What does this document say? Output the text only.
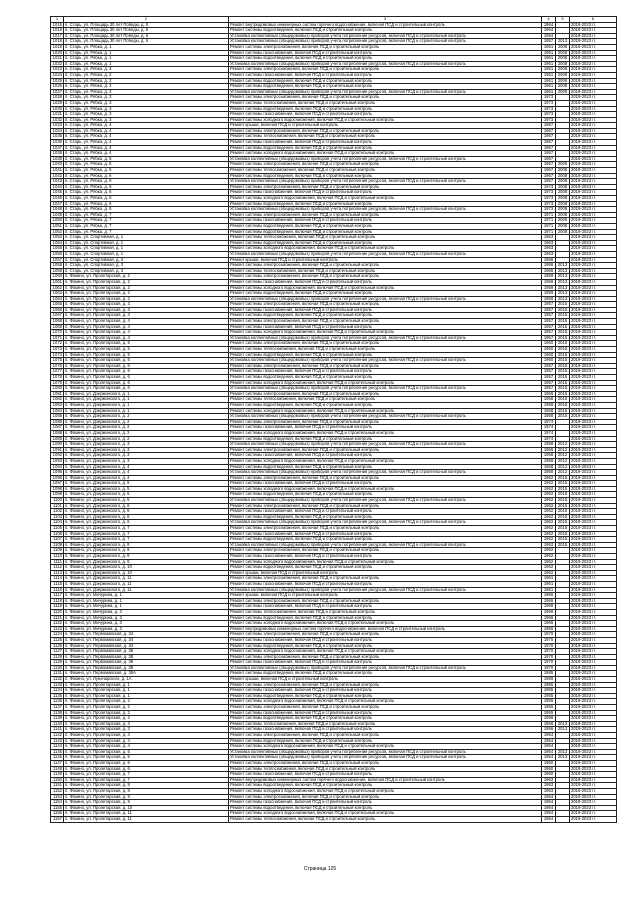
1	2	3	4	5	6
1015	п. Старь, ул. Площадь 30 лет Победы, д. 5	Ремонт внутридомовых инженерных систем горячего водоснабжения, включая ПСД и строительный контроль	1964		2019-2023 гг.
1016	п. Старь, ул. Площадь 30 лет Победы, д. 5	Ремонт системы водоотведения, включая ПСД и строительный контроль	1964		2019-2023 гг.
1017	п. Старь, ул. Площадь 30 лет Победы, д. 5	Установка коллективных (общедомовых) приборов учета потребления ресурсов, включая ПСД и строительный контроль	1964		2019-2023 гг.
1018	п. Старь, ул. Площадь 30 лет Победы, д. 6	Установка коллективных (общедомовых) приборов учета потребления ресурсов, включая ПСД и строительный контроль	1957	2013	2019-2023 гг.
1019	п. Старь, ул. Рябка, д. 1	Ремонт системы электроснабжения, включая ПСД и строительный контроль	1961	2008	2019-2023 гг.
1020	п. Старь, ул. Рябка, д. 1	Ремонт системы газоснабжения, включая ПСД и строительный контроль	1961	2008	2019-2023 гг.
1021	п. Старь, ул. Рябка, д. 1	Ремонт системы водоотведения, включая ПСД и строительный контроль	1961	2008	2019-2023 гг.
1022	п. Старь, ул. Рябка, д. 1	Установка коллективных (общедомовых) приборов учета потребления ресурсов, включая ПСД и строительный контроль	1961	2008	2019-2023 гг.
1023	п. Старь, ул. Рябка, д. 2	Ремонт системы электроснабжения, включая ПСД и строительный контроль	1961	2008	2019-2023 гг.
1024	п. Старь, ул. Рябка, д. 2	Ремонт системы газоснабжения, включая ПСД и строительный контроль	1961	2008	2019-2023 гг.
1025	п. Старь, ул. Рябка, д. 2	Ремонт системы водоотведения, включая ПСД и строительный контроль	1961	2008	2019-2023 гг.
1026	п. Старь, ул. Рябка, д. 2	Ремонт системы водоотведения, включая ПСД и строительный контроль	1961	2008	2019-2023 гг.
1027	п. Старь, ул. Рябка, д. 3	Установка коллективных (общедомовых) приборов учета потребления ресурсов, включая ПСД и строительный контроль	1961	2008	2019-2023 гг.
1028	п. Старь, ул. Рябка, д. 3	Ремонт системы электроснабжения, включая ПСД и строительный контроль	1973		2019-2023 гг.
1029	п. Старь, ул. Рябка, д. 3	Ремонт системы теплоснабжения, включая ПСД и строительный контроль	1973		2019-2023 гг.
1030	п. Старь, ул. Рябка, д. 3	Ремонт системы водоотведения, включая ПСД и строительный контроль	1973		2019-2023 гг.
1031	п. Старь, ул. Рябка, д. 3	Ремонт системы газоснабжения, включая ПСД и строительный контроль	1973		2019-2023 гг.
1032	п. Старь, ул. Рябка, д. 3	Ремонт системы холодного водоснабжения, включая ПСД и строительный контроль	1973		2019-2023 гг.
1033	п. Старь, ул. Рябка, д. 4	Ремонт крыши, включая ПСД и строительный контроль	1967		2019-2023 гг.
1034	п. Старь, ул. Рябка, д. 4	Ремонт системы электроснабжения, включая ПСД и строительный контроль	1967		2019-2023 гг.
1035	п. Старь, ул. Рябка, д. 4	Ремонт системы теплоснабжения, включая ПСД и строительный контроль	1967		2019-2023 гг.
1036	п. Старь, ул. Рябка, д. 4	Ремонт системы газоснабжения, включая ПСД и строительный контроль	1967		2019-2023 гг.
1037	п. Старь, ул. Рябка, д. 4	Ремонт системы водоотведения, включая ПСД и строительный контроль	1967		2019-2023 гг.
1038	п. Старь, ул. Рябка, д. 4	Ремонт системы холодного водоснабжения, включая ПСД и строительный контроль	1967		2019-2023 гг.
1039	п. Старь, ул. Рябка, д. 5	Установка коллективных (общедомовых) приборов учета потребления ресурсов, включая ПСД и строительный контроль	1967		2019-2023 гг.
1040	п. Старь, ул. Рябка, д. 5	Ремонт системы электроснабжения, включая ПСД и строительный контроль	1967	2008	2019-2023 гг.
1041	п. Старь, ул. Рябка, д. 5	Ремонт системы теплоснабжения, включая ПСД и строительный контроль	1967	2008	2019-2023 гг.
1042	п. Старь, ул. Рябка, д. 6	Ремонт системы водоотведения, включая ПСД и строительный контроль	1967	2008	2019-2023 гг.
1043	п. Старь, ул. Рябка, д. 6	Установка коллективных (общедомовых) приборов учета потребления ресурсов, включая ПСД и строительный контроль	1967	2008	2019-2023 гг.
1044	п. Старь, ул. Рябка, д. 6	Ремонт системы электроснабжения, включая ПСД и строительный контроль	1973	2008	2019-2023 гг.
1045	п. Старь, ул. Рябка, д. 6	Ремонт системы газоснабжения, включая ПСД и строительный контроль	1973	2008	2019-2023 гг.
1046	п. Старь, ул. Рябка, д. 6	Ремонт системы холодного водоснабжения, включая ПСД и строительный контроль	1973	2008	2019-2023 гг.
1047	п. Старь, ул. Рябка, д. 6	Ремонт системы водоотведения, включая ПСД и строительный контроль	1973	2008	2019-2023 гг.
1048	п. Старь, ул. Рябка, д. 6	Установка коллективных (общедомовых) приборов учета потребления ресурсов, включая ПСД и строительный контроль	1973	2008	2019-2023 гг.
1049	п. Старь, ул. Рябка, д. 7	Ремонт системы электроснабжения, включая ПСД и строительный контроль	1971	2008	2019-2023 гг.
1050	п. Старь, ул. Рябка, д. 7	Ремонт системы газоснабжения, включая ПСД и строительный контроль	1971	2008	2019-2023 гг.
1051	п. Старь, ул. Рябка, д. 7	Ремонт системы водоотведения, включая ПСД и строительный контроль	1971	2008	2019-2023 гг.
1052	п. Старь, ул. Рябка, д. 7	Ремонт системы водоотведения, включая ПСД и строительный контроль	1971	2008	2019-2023 гг.
1053	п. Старь, ул. Спортивная, д. 1	Ремонт системы теплоснабжения, включая ПСД и строительный контроль	1963		2019-2023 гг.
1054	п. Старь, ул. Спортивная, д. 1	Ремонт системы водоотведения, включая ПСД и строительный контроль	1963		2019-2023 гг.
1055	п. Старь, ул. Спортивная, д. 1	Ремонт системы холодного водоснабжения, включая ПСД и строительный контроль	1963		2019-2023 гг.
1056	п. Старь, ул. Спортивная, д. 1	Установка коллективных (общедомовых) приборов учета потребления ресурсов, включая ПСД и строительный контроль	1963		2019-2023 гг.
1057	п. Старь, ул. Спортивная, д. 3	Ремонт крыши, включая ПСД и строительный контроль	1966		2019-2023 гг.
1058	п. Старь, ул. Спортивная, д. 3	Ремонт системы электроснабжения, включая ПСД и строительный контроль	1966	2013	2019-2023 гг.
1059	п. Старь, ул. Спортивная, д. 3	Ремонт системы теплоснабжения, включая ПСД и строительный контроль	1966	2013	2019-2023 гг.
1060	п. Фокино, ул. Пролетарская, д. 2	Ремонт системы электроснабжения, включая ПСД и строительный контроль	1959	2013	2019-2023 гг.
1061	п. Фокино, ул. Пролетарская, д. 2	Ремонт системы газоснабжения, включая ПСД и строительный контроль	1959	2013	2019-2023 гг.
1062	п. Фокино, ул. Пролетарская, д. 2	Ремонт системы холодного водоснабжения, включая ПСД и строительный контроль	1959	2013	2019-2023 гг.
1063	п. Фокино, ул. Пролетарская, д. 2	Ремонт системы водоотведения, включая ПСД и строительный контроль	1959	2013	2019-2023 гг.
1064	п. Фокино, ул. Пролетарская, д. 2	Установка коллективных (общедомовых) приборов учета потребления ресурсов, включая ПСД и строительный контроль	1959	2013	2019-2023 гг.
1065	п. Фокино, ул. Пролетарская, д. 3	Ремонт системы электроснабжения, включая ПСД и строительный контроль	1957	2015	2019-2023 гг.
1066	п. Фокино, ул. Пролетарская, д. 3	Ремонт системы газоснабжения, включая ПСД и строительный контроль	1957	2015	2019-2023 гг.
1067	п. Фокино, ул. Пролетарская, д. 3	Ремонт системы водоотведения, включая ПСД и строительный контроль	1957	2015	2019-2023 гг.
1068	п. Фокино, ул. Пролетарская, д. 4	Ремонт системы электроснабжения, включая ПСД и строительный контроль	1957	2015	2019-2023 гг.
1069	п. Фокино, ул. Пролетарская, д. 4	Ремонт системы газоснабжения, включая ПСД и строительный контроль	1957	2015	2019-2023 гг.
1070	п. Фокино, ул. Пролетарская, д. 4	Ремонт системы холодного водоснабжения, включая ПСД и строительный контроль	1957	2015	2019-2023 гг.
1071	п. Фокино, ул. Пролетарская, д. 4	Установка коллективных (общедомовых) приборов учета потребления ресурсов, включая ПСД и строительный контроль	1957	2015	2019-2023 гг.
1072	п. Фокино, ул. Пролетарская, д. 5	Ремонт системы электроснабжения, включая ПСД и строительный контроль	1960	2015	2019-2023 гг.
1073	п. Фокино, ул. Пролетарская, д. 5	Ремонт системы теплоснабжения, включая ПСД и строительный контроль	1960	2015	2019-2023 гг.
1074	п. Фокино, ул. Пролетарская, д. 5	Ремонт системы водоотведения, включая ПСД и строительный контроль	1960	2015	2019-2023 гг.
1075	п. Фокино, ул. Пролетарская, д. 5	Установка коллективных (общедомовых) приборов учета потребления ресурсов, включая ПСД и строительный контроль	1960	2015	2019-2023 гг.
1076	п. Фокино, ул. Пролетарская, д. 6	Ремонт системы электроснабжения, включая ПСД и строительный контроль	1957	2015	2019-2023 гг.
1077	п. Фокино, ул. Пролетарская, д. 6	Ремонт системы газоснабжения, включая ПСД и строительный контроль	1957	2015	2019-2023 гг.
1078	п. Фокино, ул. Пролетарская, д. 6	Ремонт системы водоотведения, включая ПСД и строительный контроль	1957	2015	2019-2023 гг.
1079	п. Фокино, ул. Пролетарская, д. 6	Ремонт системы холодного водоснабжения, включая ПСД и строительный контроль	1957	2015	2019-2023 гг.
1080	п. Фокино, ул. Пролетарская, д. 6	Установка коллективных (общедомовых) приборов учета потребления ресурсов, включая ПСД и строительный контроль	1957	2015	2019-2023 гг.
1081	п. Фокино, ул. Дзержинского, д. 1	Ремонт системы электроснабжения, включая ПСД и строительный контроль	1958	2015	2019-2023 гг.
1082	п. Фокино, ул. Дзержинского, д. 1	Ремонт системы теплоснабжения, включая ПСД и строительный контроль	1958	2015	2019-2023 гг.
1083	п. Фокино, ул. Дзержинского, д. 1	Ремонт системы водоотведения, включая ПСД и строительный контроль	1958	2015	2019-2023 гг.
1084	п. Фокино, ул. Дзержинского, д. 1	Ремонт системы холодного водоснабжения, включая ПСД и строительный контроль	1958	2015	2019-2023 гг.
1085	п. Фокино, ул. Дзержинского, д. 2	Установка коллективных (общедомовых) приборов учета потребления ресурсов, включая ПСД и строительный контроль	1958	2015	2019-2023 гг.
1086	п. Фокино, ул. Дзержинского, д. 2	Ремонт системы электроснабжения, включая ПСД и строительный контроль	1974		2019-2023 гг.
1087	п. Фокино, ул. Дзержинского, д. 2	Ремонт системы газоснабжения, включая ПСД и строительный контроль	1974		2019-2023 гг.
1088	п. Фокино, ул. Дзержинского, д. 2	Ремонт системы холодного водоснабжения, включая ПСД и строительный контроль	1974		2019-2023 гг.
1089	п. Фокино, ул. Дзержинского, д. 2	Ремонт системы водоотведения, включая ПСД и строительный контроль	1974		2019-2023 гг.
1090	п. Фокино, ул. Дзержинского, д. 3	Установка коллективных (общедомовых) приборов учета потребления ресурсов, включая ПСД и строительный контроль	1958	2012	2019-2023 гг.
1091	п. Фокино, ул. Дзержинского, д. 3	Ремонт системы электроснабжения, включая ПСД и строительный контроль	1958	2012	2019-2023 гг.
1092	п. Фокино, ул. Дзержинского, д. 3	Ремонт системы газоснабжения, включая ПСД и строительный контроль	1958	2012	2019-2023 гг.
1093	п. Фокино, ул. Дзержинского, д. 3	Ремонт системы холодного водоснабжения, включая ПСД и строительный контроль	1958	2012	2019-2023 гг.
1094	п. Фокино, ул. Дзержинского, д. 4	Ремонт системы водоотведения, включая ПСД и строительный контроль	1958	2012	2019-2023 гг.
1095	п. Фокино, ул. Дзержинского, д. 4	Установка коллективных (общедомовых) приборов учета потребления ресурсов, включая ПСД и строительный контроль	1958	2012	2019-2023 гг.
1096	п. Фокино, ул. Дзержинского, д. 4	Ремонт системы электроснабжения, включая ПСД и строительный контроль	1962	2015	2019-2023 гг.
1097	п. Фокино, ул. Дзержинского, д. 5	Ремонт системы газоснабжения, включая ПСД и строительный контроль	1962	2015	2019-2023 гг.
1098	п. Фокино, ул. Дзержинского, д. 5	Ремонт системы холодного водоснабжения, включая ПСД и строительный контроль	1962	2015	2019-2023 гг.
1099	п. Фокино, ул. Дзержинского, д. 5	Ремонт системы водоотведения, включая ПСД и строительный контроль	1962	2015	2019-2023 гг.
1100	п. Фокино, ул. Дзержинского, д. 5	Установка коллективных (общедомовых) приборов учета потребления ресурсов, включая ПСД и строительный контроль	1962	2015	2019-2023 гг.
1101	п. Фокино, ул. Дзержинского, д. 6	Ремонт системы электроснабжения, включая ПСД и строительный контроль	1962	2015	2019-2023 гг.
1102	п. Фокино, ул. Дзержинского, д. 6	Ремонт системы газоснабжения, включая ПСД и строительный контроль	1962	2015	2019-2023 гг.
1103	п. Фокино, ул. Дзержинского, д. 6	Ремонт системы водоотведения, включая ПСД и строительный контроль	1962	2015	2019-2023 гг.
1104	п. Фокино, ул. Дзержинского, д. 6	Установка коллективных (общедомовых) приборов учета потребления ресурсов, включая ПСД и строительный контроль	1962	2015	2019-2023 гг.
1105	п. Фокино, ул. Дзержинского, д. 7	Ремонт системы электроснабжения, включая ПСД и строительный контроль	1962	2015	2019-2023 гг.
1106	п. Фокино, ул. Дзержинского, д. 7	Ремонт системы газоснабжения, включая ПСД и строительный контроль	1962	2015	2019-2023 гг.
1107	п. Фокино, ул. Дзержинского, д. 7	Ремонт системы водоотведения, включая ПСД и строительный контроль	1962	2015	2019-2023 гг.
1108	п. Фокино, ул. Дзержинского, д. 8	Установка коллективных (общедомовых) приборов учета потребления ресурсов, включая ПСД и строительный контроль	1962	2015	2019-2023 гг.
1109	п. Фокино, ул. Дзержинского, д. 9	Ремонт системы электроснабжения, включая ПСД и строительный контроль	1962		2019-2023 гг.
1110	п. Фокино, ул. Дзержинского, д. 9	Ремонт системы газоснабжения, включая ПСД и строительный контроль	1962		2019-2023 гг.
1111	п. Фокино, ул. Дзержинского, д. 9	Ремонт системы холодного водоснабжения, включая ПСД и строительный контроль	1962		2019-2023 гг.
1112	п. Фокино, ул. Дзержинского, д. 10	Ремонт системы водоотведения, включая ПСД и строительный контроль	1962		2019-2023 гг.
1113	п. Фокино, ул. Дзержинского, д. 10	Ремонт крыши, включая ПСД и строительный контроль	1962		2019-2023 гг.
1114	п. Фокино, ул. Дзержинского, д. 11	Ремонт системы электроснабжения, включая ПСД и строительный контроль	1961		2019-2023 гг.
1115	п. Фокино, ул. Дзержинского, д. 11	Ремонт системы газоснабжения, включая ПСД и строительный контроль	1961		2019-2023 гг.
1116	п. Фокино, ул. Дзержинского, д. 11	Установка коллективных (общедомовых) приборов учета потребления ресурсов, включая ПСД и строительный контроль	1961		2019-2023 гг.
1117	п. Фокино, ул. Мичурина, д. 1	Ремонт крыши, включая ПСД и строительный контроль	1966		2019-2023 гг.
1118	п. Фокино, ул. Мичурина, д. 1	Ремонт системы электроснабжения, включая ПСД и строительный контроль	1966		2019-2023 гг.
1119	п. Фокино, ул. Мичурина, д. 1	Ремонт системы газоснабжения, включая ПСД и строительный контроль	1966		2019-2023 гг.
1120	п. Фокино, ул. Мичурина, д. 3	Ремонт системы теплоснабжения, включая ПСД и строительный контроль	1966		2019-2023 гг.
1121	п. Фокино, ул. Мичурина, д. 3	Ремонт системы водоотведения, включая ПСД и строительный контроль	1966		2019-2023 гг.
1122	п. Фокино, ул. Мичурина, д. 3	Ремонт системы холодного водоснабжения, включая ПСД и строительный контроль	1966		2019-2023 гг.
1123	п. Фокино, ул. Мичурина, д. 3	Ремонт внутридомовых инженерных систем горячего водоснабжения, включая ПСД и строительный контроль	1966		2019-2023 гг.
1124	п. Фокино, ул. Первомайская, д. 34	Ремонт системы электроснабжения, включая ПСД и строительный контроль	1970		2019-2023 гг.
1125	п. Фокино, ул. Первомайская, д. 34	Ремонт системы газоснабжения, включая ПСД и строительный контроль	1970		2019-2023 гг.
1126	п. Фокино, ул. Первомайская, д. 34	Ремонт системы водоотведения, включая ПСД и строительный контроль	1970		2019-2023 гг.
1127	п. Фокино, ул. Первомайская, д. 38	Ремонт системы холодного водоснабжения, включая ПСД и строительный контроль	1970		2019-2023 гг.
1128	п. Фокино, ул. Первомайская, д. 38	Ремонт системы электроснабжения, включая ПСД и строительный контроль	1970		2019-2023 гг.
1129	п. Фокино, ул. Первомайская, д. 38	Ремонт системы газоснабжения, включая ПСД и строительный контроль	1970		2019-2023 гг.
1130	п. Фокино, ул. Первомайская, д. 38	Установка коллективных (общедомовых) приборов учета потребления ресурсов, включая ПСД и строительный контроль	1970		2019-2023 гг.
1131	п. Фокино, ул. Первомайская, д. 38А	Ремонт системы водоотведения, включая ПСД и строительный контроль	1985		2019-2023 гг.
1132	п. Фокино, ул. Луначарского, д. 1А	Ремонт крыши, включая ПСД и строительный контроль	1989		2019-2023 гг.
1133	п. Фокино, ул. Пролетарская, д. 1	Ремонт системы электроснабжения, включая ПСД и строительный контроль	1955		2019-2023 гг.
1134	п. Фокино, ул. Пролетарская, д. 1	Ремонт системы газоснабжения, включая ПСД и строительный контроль	1955		2019-2023 гг.
1135	п. Фокино, ул. Пролетарская, д. 1	Ремонт системы водоотведения, включая ПСД и строительный контроль	1955		2019-2023 гг.
1136	п. Фокино, ул. Пролетарская, д. 2	Ремонт системы холодного водоснабжения, включая ПСД и строительный контроль	1955		2019-2023 гг.
1137	п. Фокино, ул. Пролетарская, д. 2	Ремонт системы электроснабжения, включая ПСД и строительный контроль	1955		2019-2023 гг.
1138	п. Фокино, ул. Пролетарская, д. 2	Ремонт системы газоснабжения, включая ПСД и строительный контроль	1955		2019-2023 гг.
1139	п. Фокино, ул. Пролетарская, д. 3	Ремонт системы водоотведения, включая ПСД и строительный контроль	1956		2019-2023 гг.
1140	п. Фокино, ул. Пролетарская, д. 3	Ремонт системы теплоснабжения, включая ПСД и строительный контроль	1956	2013	2019-2023 гг.
1141	п. Фокино, ул. Пролетарская, д. 3	Ремонт системы газоснабжения, включая ПСД и строительный контроль	1956	2013	2019-2023 гг.
1142	п. Фокино, ул. Пролетарская, д. 4	Ремонт системы электроснабжения, включая ПСД и строительный контроль	1954		2019-2023 гг.
1143	п. Фокино, ул. Пролетарская, д. 4	Ремонт системы водоотведения, включая ПСД и строительный контроль	1954		2019-2023 гг.
1144	п. Фокино, ул. Пролетарская, д. 4	Ремонт системы холодного водоснабжения, включая ПСД и строительный контроль	1954		2019-2023 гг.
1145	п. Фокино, ул. Пролетарская, д. 5	Установка коллективных (общедомовых) приборов учета потребления ресурсов, включая ПСД и строительный контроль	1954	2013	2019-2023 гг.
1146	п. Фокино, ул. Пролетарская, д. 5	Установка коллективных (общедомовых) приборов учета потребления ресурсов, включая ПСД и строительный контроль	1954	2013	2019-2023 гг.
1147	п. Фокино, ул. Пролетарская, д. 6	Ремонт системы электроснабжения, включая ПСД и строительный контроль	1960		2019-2023 гг.
1148	п. Фокино, ул. Пролетарская, д. 6	Ремонт системы теплоснабжения, включая ПСД и строительный контроль	1960		2019-2023 гг.
1149	п. Фокино, ул. Пролетарская, д. 7	Ремонт системы газоснабжения, включая ПСД и строительный контроль	1960		2019-2023 гг.
1150	п. Фокино, ул. Пролетарская, д. 7	Ремонт внутридомовых инженерных систем горячего водоснабжения, включая ПСД и строительный контроль	1963		2019-2023 гг.
1151	п. Фокино, ул. Пролетарская, д. 8	Ремонт системы водоотведения, включая ПСД и строительный контроль	1963		2019-2023 гг.
1152	п. Фокино, ул. Пролетарская, д. 8	Ремонт системы холодного водоснабжения, включая ПСД и строительный контроль	1963		2019-2023 гг.
1153	п. Фокино, ул. Пролетарская, д. 9	Ремонт системы электроснабжения, включая ПСД и строительный контроль	1964		2019-2023 гг.
1154	п. Фокино, ул. Пролетарская, д. 9	Ремонт системы газоснабжения, включая ПСД и строительный контроль	1964		2019-2023 гг.
1155	п. Фокино, ул. Пролетарская, д. 10	Ремонт системы водоотведения, включая ПСД и строительный контроль	1964		2019-2023 гг.
1156	п. Фокино, ул. Пролетарская, д. 11	Ремонт системы холодного водоснабжения, включая ПСД и строительный контроль	1964		2019-2023 гг.
1157	п. Фокино, ул. Пролетарская, д. 11	Ремонт системы теплоснабжения, включая ПСД и строительный контроль	1964		2019-2023 гг.
Страница 125
